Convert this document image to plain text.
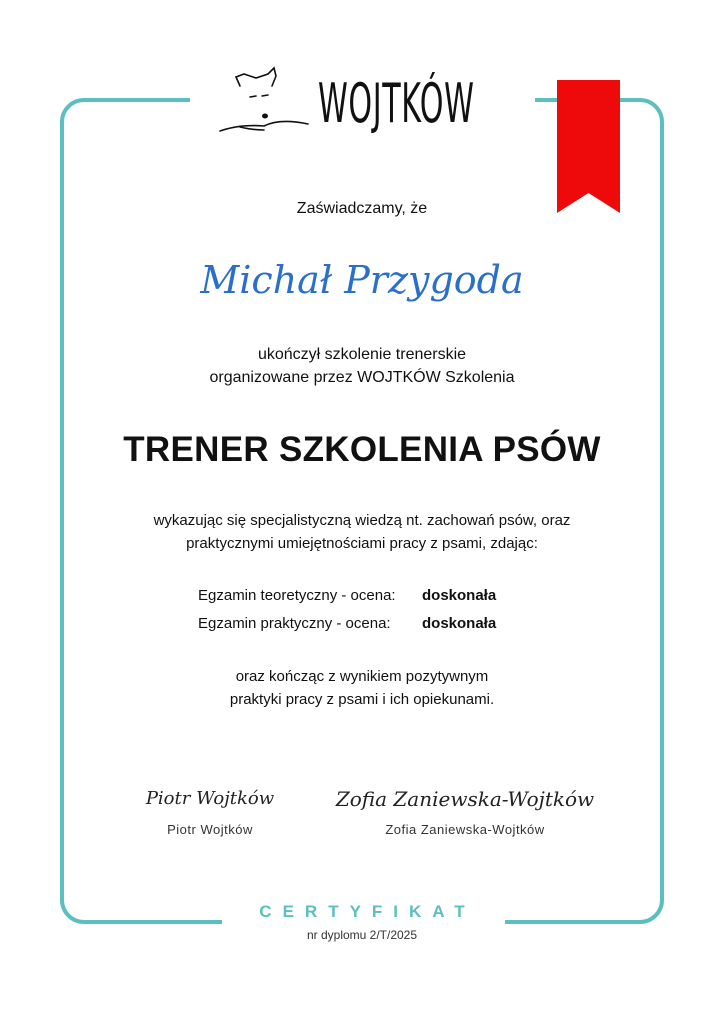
WOJTKÓW
Zaświadczamy, że
Michał Przygoda
ukończył szkolenie trenerskie
organizowane przez WOJTKÓW Szkolenia
TRENER SZKOLENIA PSÓW
wykazując się specjalistyczną wiedzą nt. zachowań psów, oraz
praktycznymi umiejętnościami pracy z psami, zdając:
Egzamin teoretyczny - ocena: doskonała
Egzamin praktyczny - ocena: doskonała
oraz kończąc z wynikiem pozytywnym
praktyki pracy z psami i ich opiekunami.
Piotr Wojtków
Piotr Wojtków
Zofia Zaniewska-Wojtków
Zofia Zaniewska-Wojtków
CERTYFIKAT
nr dyplomu 2/T/2025
